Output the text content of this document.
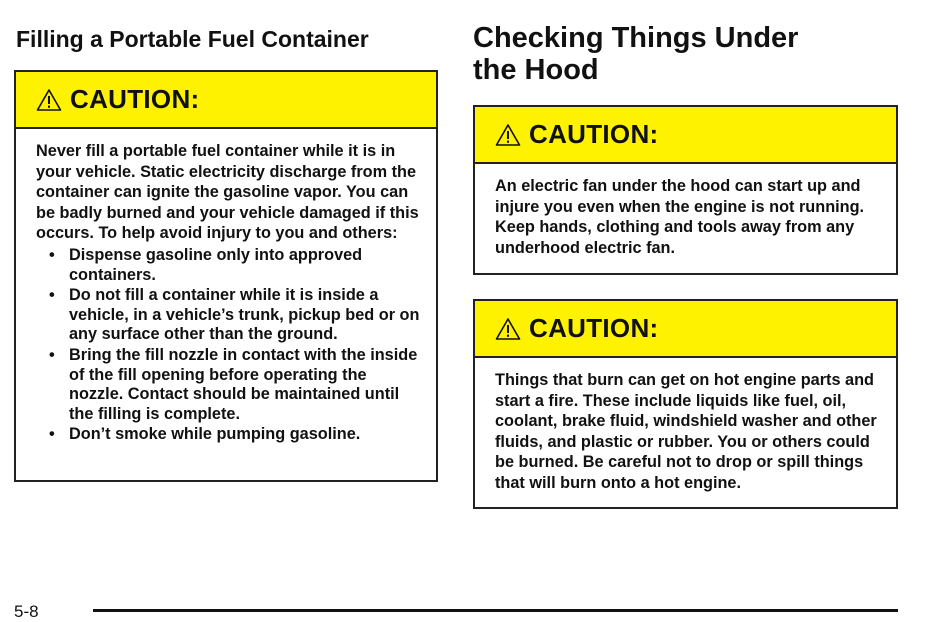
Filling a Portable Fuel Container
CAUTION:

Never fill a portable fuel container while it is in your vehicle. Static electricity discharge from the container can ignite the gasoline vapor. You can be badly burned and your vehicle damaged if this occurs. To help avoid injury to you and others:

• Dispense gasoline only into approved containers.
• Do not fill a container while it is inside a vehicle, in a vehicle’s trunk, pickup bed or on any surface other than the ground.
• Bring the fill nozzle in contact with the inside of the fill opening before operating the nozzle. Contact should be maintained until the filling is complete.
• Don’t smoke while pumping gasoline.
Checking Things Under the Hood
CAUTION:

An electric fan under the hood can start up and injure you even when the engine is not running. Keep hands, clothing and tools away from any underhood electric fan.

CAUTION:

Things that burn can get on hot engine parts and start a fire. These include liquids like fuel, oil, coolant, brake fluid, windshield washer and other fluids, and plastic or rubber. You or others could be burned. Be careful not to drop or spill things that will burn onto a hot engine.

5-8
